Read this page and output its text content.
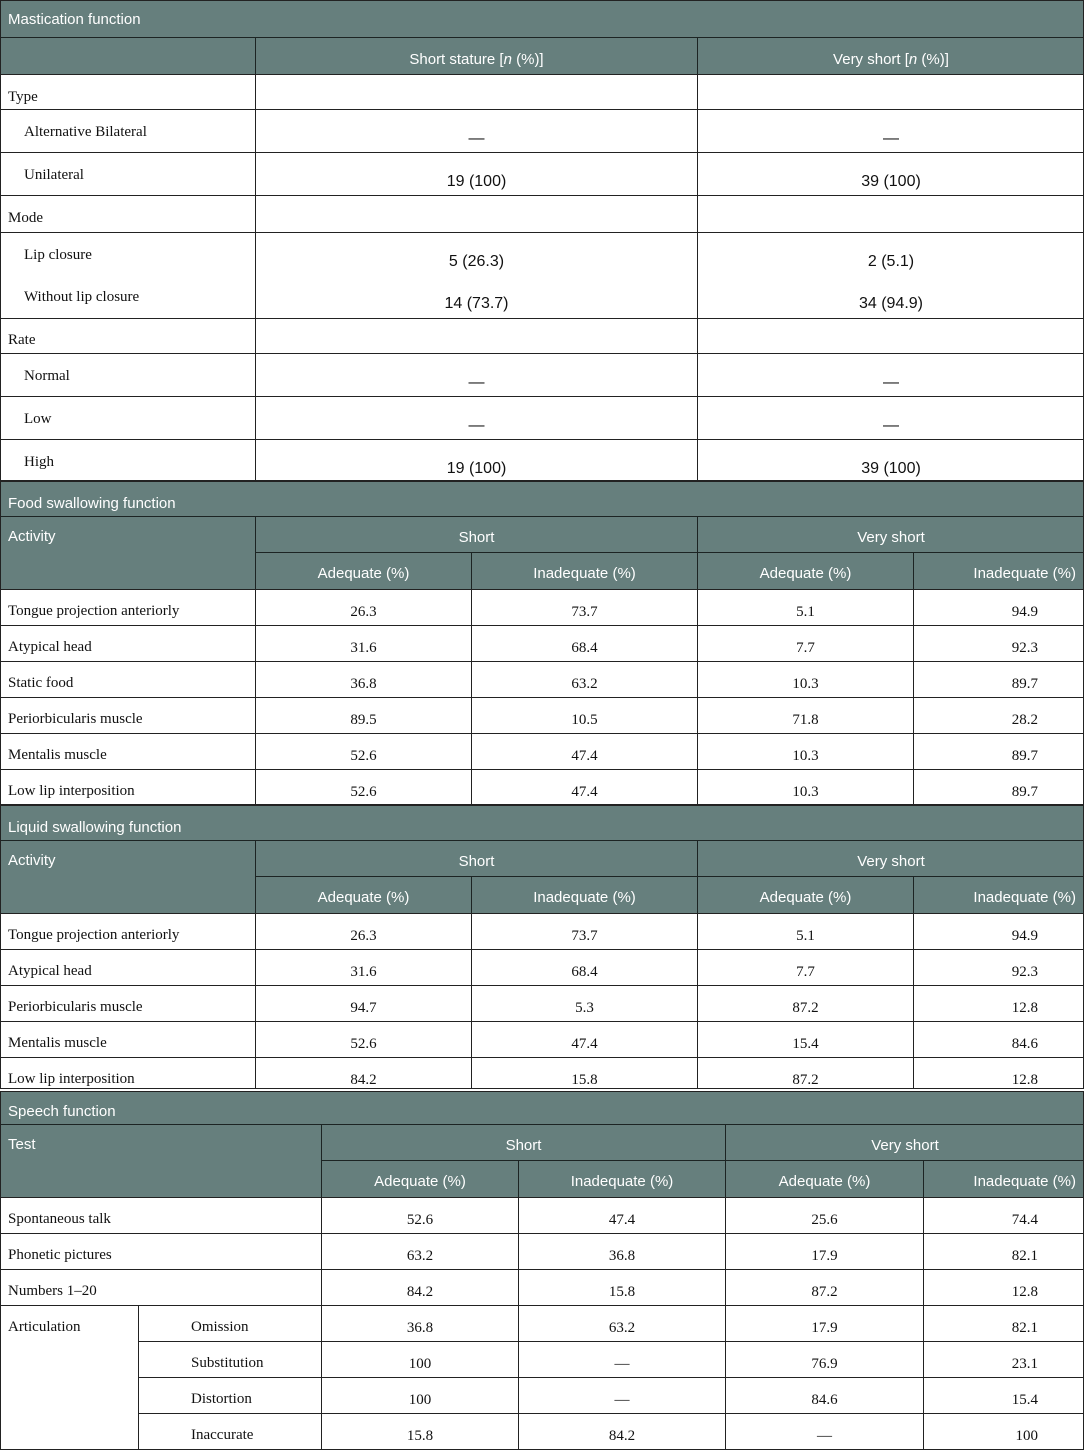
Mastication function
Short stature [n (%)]	Very short [n (%)]
Type
Alternative Bilateral	—	—
Unilateral	19 (100)	39 (100)
Mode
Lip closure	5 (26.3)	2 (5.1)
Without lip closure	14 (73.7)	34 (94.9)
Rate
Normal	—	—
Low	—	—
High	19 (100)	39 (100)
Food swallowing function
Activity	Short	Very short
Adequate (%)	Inadequate (%)	Adequate (%)	Inadequate (%)
Tongue projection anteriorly	26.3	73.7	5.1	94.9
Atypical head	31.6	68.4	7.7	92.3
Static food	36.8	63.2	10.3	89.7
Periorbicularis muscle	89.5	10.5	71.8	28.2
Mentalis muscle	52.6	47.4	10.3	89.7
Low lip interposition	52.6	47.4	10.3	89.7
Liquid swallowing function
Activity	Short	Very short
Adequate (%)	Inadequate (%)	Adequate (%)	Inadequate (%)
Tongue projection anteriorly	26.3	73.7	5.1	94.9
Atypical head	31.6	68.4	7.7	92.3
Periorbicularis muscle	94.7	5.3	87.2	12.8
Mentalis muscle	52.6	47.4	15.4	84.6
Low lip interposition	84.2	15.8	87.2	12.8
Speech function
Test	Short	Very short
Adequate (%)	Inadequate (%)	Adequate (%)	Inadequate (%)
Spontaneous talk	52.6	47.4	25.6	74.4
Phonetic pictures	63.2	36.8	17.9	82.1
Numbers 1–20	84.2	15.8	87.2	12.8
Articulation	Omission	36.8	63.2	17.9	82.1
Substitution	100	—	76.9	23.1
Distortion	100	—	84.6	15.4
Inaccurate	15.8	84.2	—	100
